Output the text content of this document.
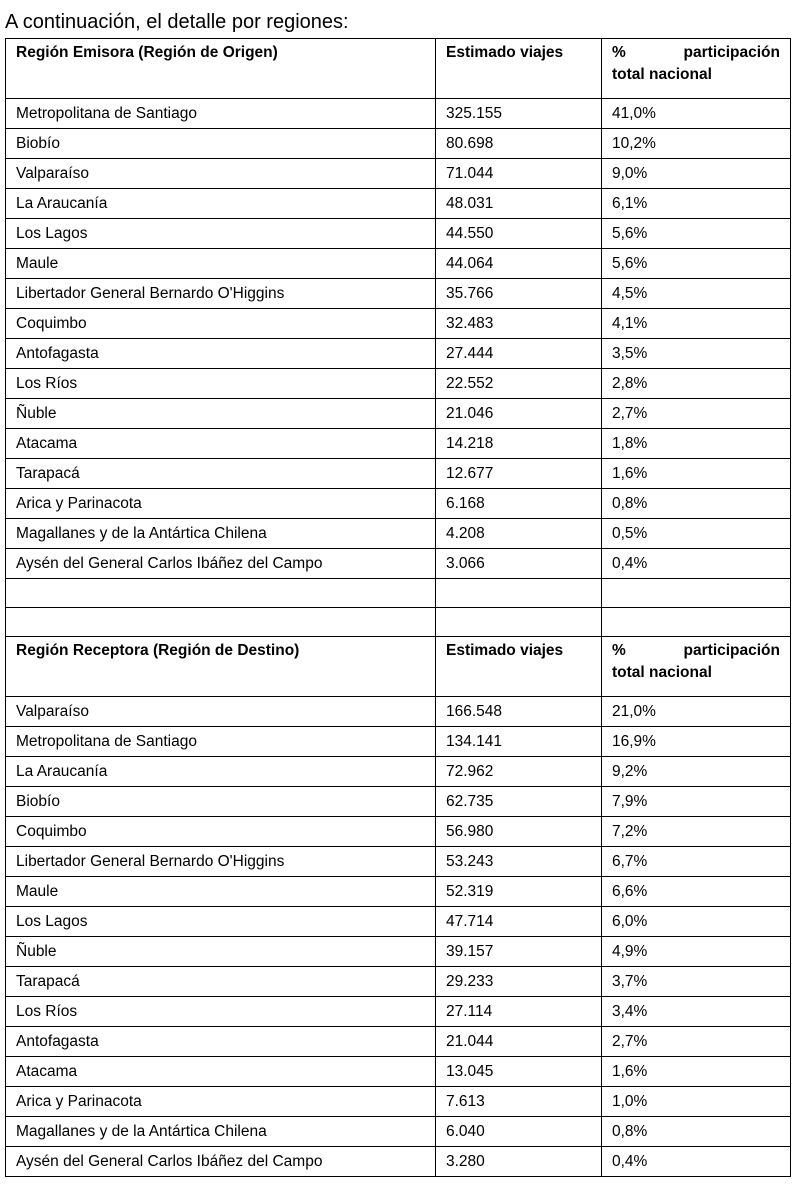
A continuación, el detalle por regiones:
Región Emisora (Región de Origen)	Estimado viajes	% participación
total nacional

Metropolitana de Santiago	325.155	41,0%
Biobío	80.698	10,2%
Valparaíso	71.044	9,0%
La Araucanía	48.031	6,1%
Los Lagos	44.550	5,6%
Maule	44.064	5,6%
Libertador General Bernardo O'Higgins	35.766	4,5%
Coquimbo	32.483	4,1%
Antofagasta	27.444	3,5%
Los Ríos	22.552	2,8%
Ñuble	21.046	2,7%
Atacama	14.218	1,8%
Tarapacá	12.677	1,6%
Arica y Parinacota	6.168	0,8%
Magallanes y de la Antártica Chilena	4.208	0,5%
Aysén del General Carlos Ibáñez del Campo	3.066	0,4%

Región Receptora (Región de Destino)	Estimado viajes	% participación
total nacional

Valparaíso	166.548	21,0%
Metropolitana de Santiago	134.141	16,9%
La Araucanía	72.962	9,2%
Biobío	62.735	7,9%
Coquimbo	56.980	7,2%
Libertador General Bernardo O'Higgins	53.243	6,7%
Maule	52.319	6,6%
Los Lagos	47.714	6,0%
Ñuble	39.157	4,9%
Tarapacá	29.233	3,7%
Los Ríos	27.114	3,4%
Antofagasta	21.044	2,7%
Atacama	13.045	1,6%
Arica y Parinacota	7.613	1,0%
Magallanes y de la Antártica Chilena	6.040	0,8%
Aysén del General Carlos Ibáñez del Campo	3.280	0,4%
